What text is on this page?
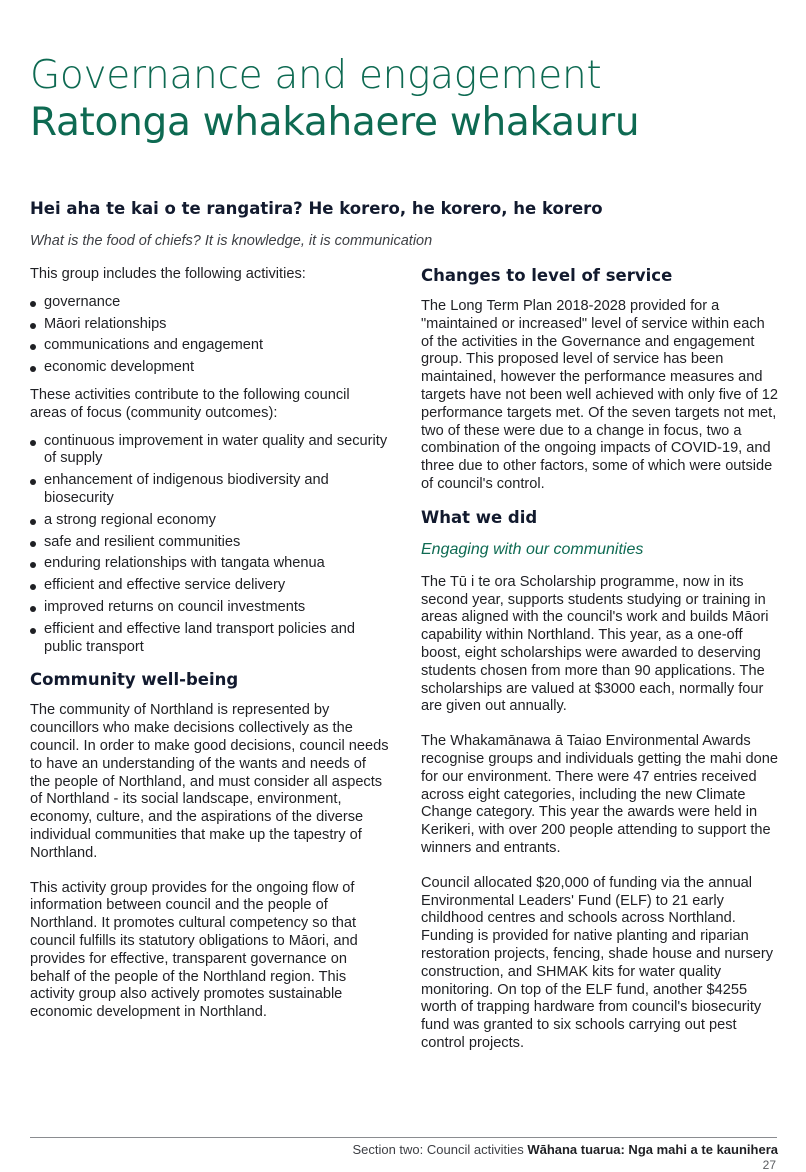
Governance and engagement
Ratonga whakahaere whakauru
Hei aha te kai o te rangatira? He korero, he korero, he korero
What is the food of chiefs? It is knowledge, it is communication

This group includes the following activities:

governance
Māori relationships
communications and engagement
economic development

These activities contribute to the following council areas of focus (community outcomes):

continuous improvement in water quality and security of supply
enhancement of indigenous biodiversity and biosecurity
a strong regional economy
safe and resilient communities
enduring relationships with tangata whenua
efficient and effective service delivery
improved returns on council investments
efficient and effective land transport policies and public transport
Community well-being

The community of Northland is represented by councillors who make decisions collectively as the council. In order to make good decisions, council needs to have an understanding of the wants and needs of the people of Northland, and must consider all aspects of Northland - its social landscape, environment, economy, culture, and the aspirations of the diverse individual communities that make up the tapestry of Northland.

This activity group provides for the ongoing flow of information between council and the people of Northland. It promotes cultural competency so that council fulfills its statutory obligations to Māori, and provides for effective, transparent governance on behalf of the people of the Northland region. This activity group also actively promotes sustainable economic development in Northland.

Changes to level of service

The Long Term Plan 2018-2028 provided for a "maintained or increased" level of service within each of the activities in the Governance and engagement group. This proposed level of service has been maintained, however the performance measures and targets have not been well achieved with only five of 12 performance targets met. Of the seven targets not met, two of these were due to a change in focus, two a combination of the ongoing impacts of COVID-19, and three due to other factors, some of which were outside of council's control.

What we did
Engaging with our communities

The Tū i te ora Scholarship programme, now in its second year, supports students studying or training in areas aligned with the council's work and builds Māori capability within Northland. This year, as a one-off boost, eight scholarships were awarded to deserving students chosen from more than 90 applications. The scholarships are valued at $3000 each, normally four are given out annually.

The Whakamānawa ā Taiao Environmental Awards recognise groups and individuals getting the mahi done for our environment. There were 47 entries received across eight categories, including the new Climate Change category. This year the awards were held in Kerikeri, with over 200 people attending to support the winners and entrants.

Council allocated $20,000 of funding via the annual Environmental Leaders' Fund (ELF) to 21 early childhood centres and schools across Northland. Funding is provided for native planting and riparian restoration projects, fencing, shade house and nursery construction, and SHMAK kits for water quality monitoring. On top of the ELF fund, another $4255 worth of trapping hardware from council's biosecurity fund was granted to six schools carrying out pest control projects.

Section two: Council activities Wāhana tuarua: Nga mahi a te kaunihera
27
